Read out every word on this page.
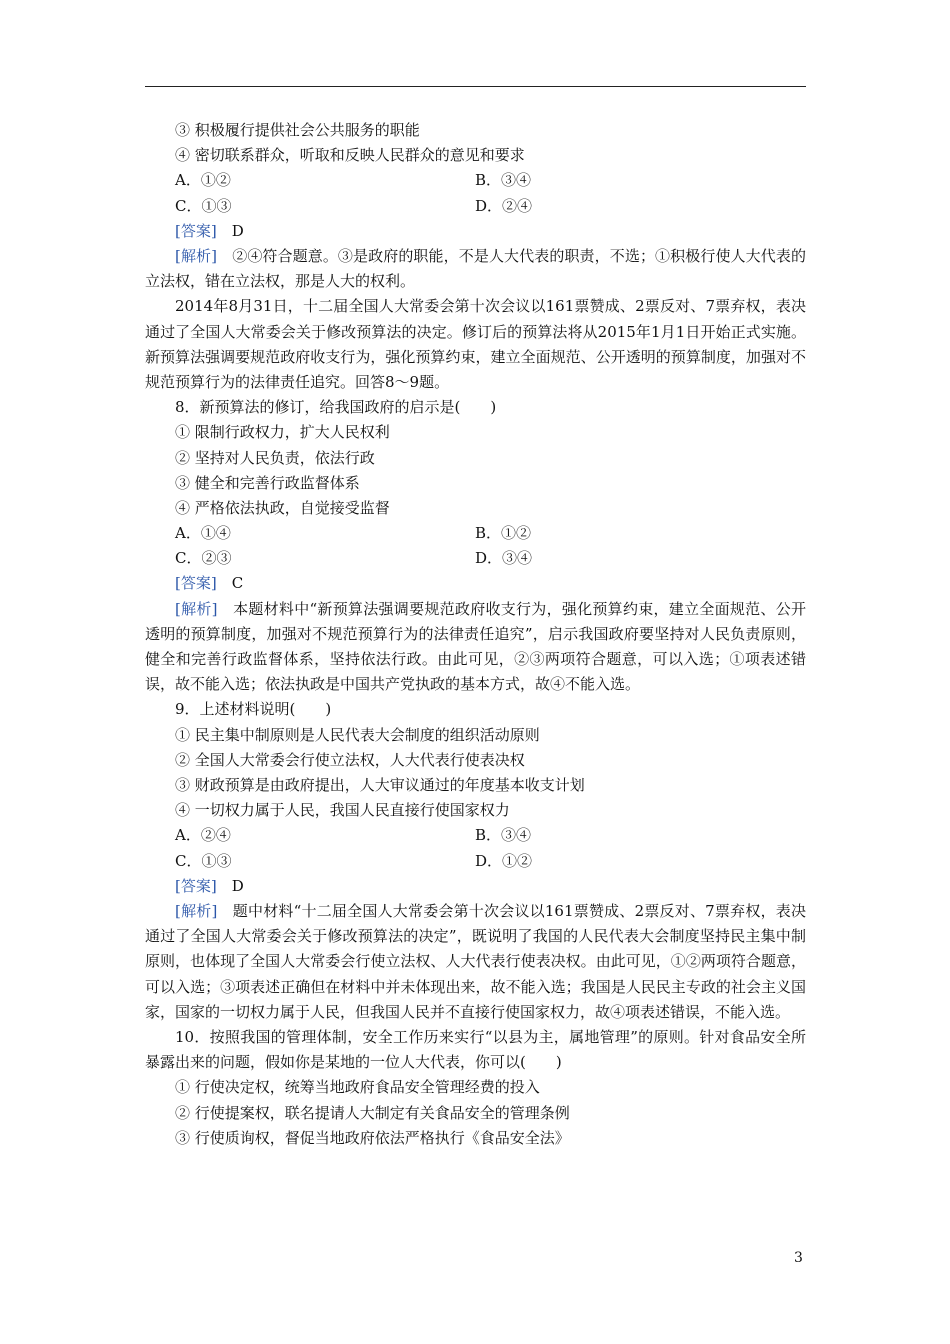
③ 积极履行提供社会公共服务的职能
④ 密切联系群众，听取和反映人民群众的意见和要求
A．①②	B．③④
C．①③	D．②④
[答案]　 D

[解析]　 ②④符合题意。③是政府的职能，不是人大代表的职责，不选；①积极行使人大代表的立法权，错在立法权，那是人大的权利。

2014年8月31日，十二届全国人大常委会第十次会议以161票赞成、2票反对、7票弃权，表决通过了全国人大常委会关于修改预算法的决定。修订后的预算法将从2015年1月1日开始正式实施。新预算法强调要规范政府收支行为，强化预算约束，建立全面规范、公开透明的预算制度，加强对不规范预算行为的法律责任追究。回答8～9题。

8．新预算法的修订，给我国政府的启示是(　　)
① 限制行政权力，扩大人民权利
② 坚持对人民负责，依法行政
③ 健全和完善行政监督体系
④ 严格依法执政，自觉接受监督
A．①④	B．①②
C．②③	D．③④
[答案]　 C

[解析]　 本题材料中“新预算法强调要规范政府收支行为，强化预算约束，建立全面规范、公开透明的预算制度，加强对不规范预算行为的法律责任追究”，启示我国政府要坚持对人民负责原则，健全和完善行政监督体系，坚持依法行政。由此可见，②③两项符合题意，可以入选；①项表述错误，故不能入选；依法执政是中国共产党执政的基本方式，故④不能入选。

9．上述材料说明(　　)
① 民主集中制原则是人民代表大会制度的组织活动原则
② 全国人大常委会行使立法权，人大代表行使表决权
③ 财政预算是由政府提出，人大审议通过的年度基本收支计划
④ 一切权力属于人民，我国人民直接行使国家权力
A．②④	B．③④
C．①③	D．①②
[答案]　 D

[解析]　 题中材料“十二届全国人大常委会第十次会议以161票赞成、2票反对、7票弃权，表决通过了全国人大常委会关于修改预算法的决定”，既说明了我国的人民代表大会制度坚持民主集中制原则，也体现了全国人大常委会行使立法权、人大代表行使表决权。由此可见，①②两项符合题意，可以入选；③项表述正确但在材料中并未体现出来，故不能入选；我国是人民民主专政的社会主义国家，国家的一切权力属于人民，但我国人民并不直接行使国家权力，故④项表述错误，不能入选。

10．按照我国的管理体制，安全工作历来实行“以县为主，属地管理”的原则。针对食品安全所暴露出来的问题，假如你是某地的一位人大代表，你可以(　　)

① 行使决定权，统筹当地政府食品安全管理经费的投入
② 行使提案权，联名提请人大制定有关食品安全的管理条例
③ 行使质询权，督促当地政府依法严格执行《食品安全法》
3
